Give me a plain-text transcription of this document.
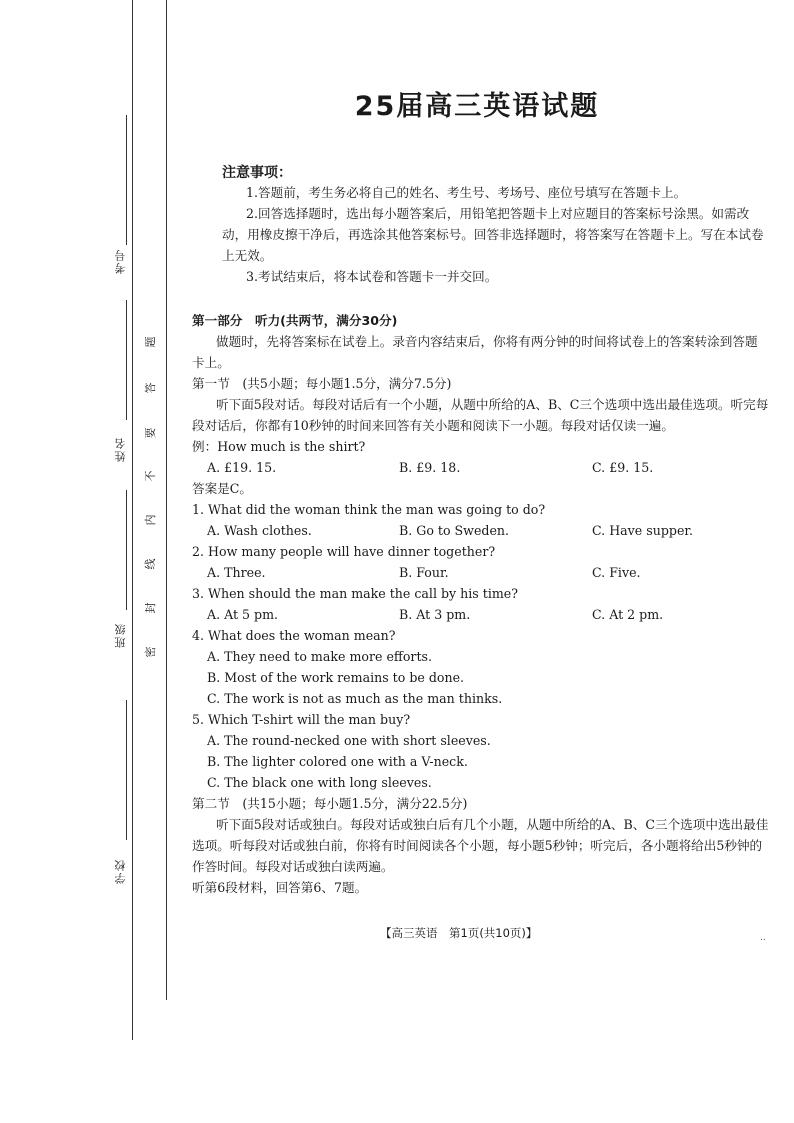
考号
姓名
班级
学校
题
答
要
不
内
线
封
密
25届高三英语试题
注意事项：

1.答题前，考生务必将自己的姓名、考生号、考场号、座位号填写在答题卡上。

2.回答选择题时，选出每小题答案后，用铅笔把答题卡上对应题目的答案标号涂黑。如需改动，用橡皮擦干净后，再选涂其他答案标号。回答非选择题时，将答案写在答题卡上。写在本试卷上无效。

3.考试结束后，将本试卷和答题卡一并交回。

第一部分　听力(共两节，满分30分)

做题时，先将答案标在试卷上。录音内容结束后，你将有两分钟的时间将试卷上的答案转涂到答题卡上。

第一节　(共5小题；每小题1.5分，满分7.5分)

听下面5段对话。每段对话后有一个小题，从题中所给的A、B、C三个选项中选出最佳选项。听完每段对话后，你都有10秒钟的时间来回答有关小题和阅读下一小题。每段对话仅读一遍。

例：How much is the shirt?
A. £19. 15.	B. £9. 18.	C. £9. 15.
答案是C。
1. What did the woman think the man was going to do?
A. Wash clothes.	B. Go to Sweden.	C. Have supper.
2. How many people will have dinner together?
A. Three.	B. Four.	C. Five.
3. When should the man make the call by his time?
A. At 5 pm.	B. At 3 pm.	C. At 2 pm.
4. What does the woman mean?
A. They need to make more efforts.
B. Most of the work remains to be done.
C. The work is not as much as the man thinks.
5. Which T-shirt will the man buy?
A. The round-necked one with short sleeves.
B. The lighter colored one with a V-neck.
C. The black one with long sleeves.
第二节　(共15小题；每小题1.5分，满分22.5分)

听下面5段对话或独白。每段对话或独白后有几个小题，从题中所给的A、B、C三个选项中选出最佳选项。听每段对话或独白前，你将有时间阅读各个小题，每小题5秒钟；听完后，各小题将给出5秒钟的作答时间。每段对话或独白读两遍。

听第6段材料，回答第6、7题。
【高三英语　第1页(共10页)】	..
